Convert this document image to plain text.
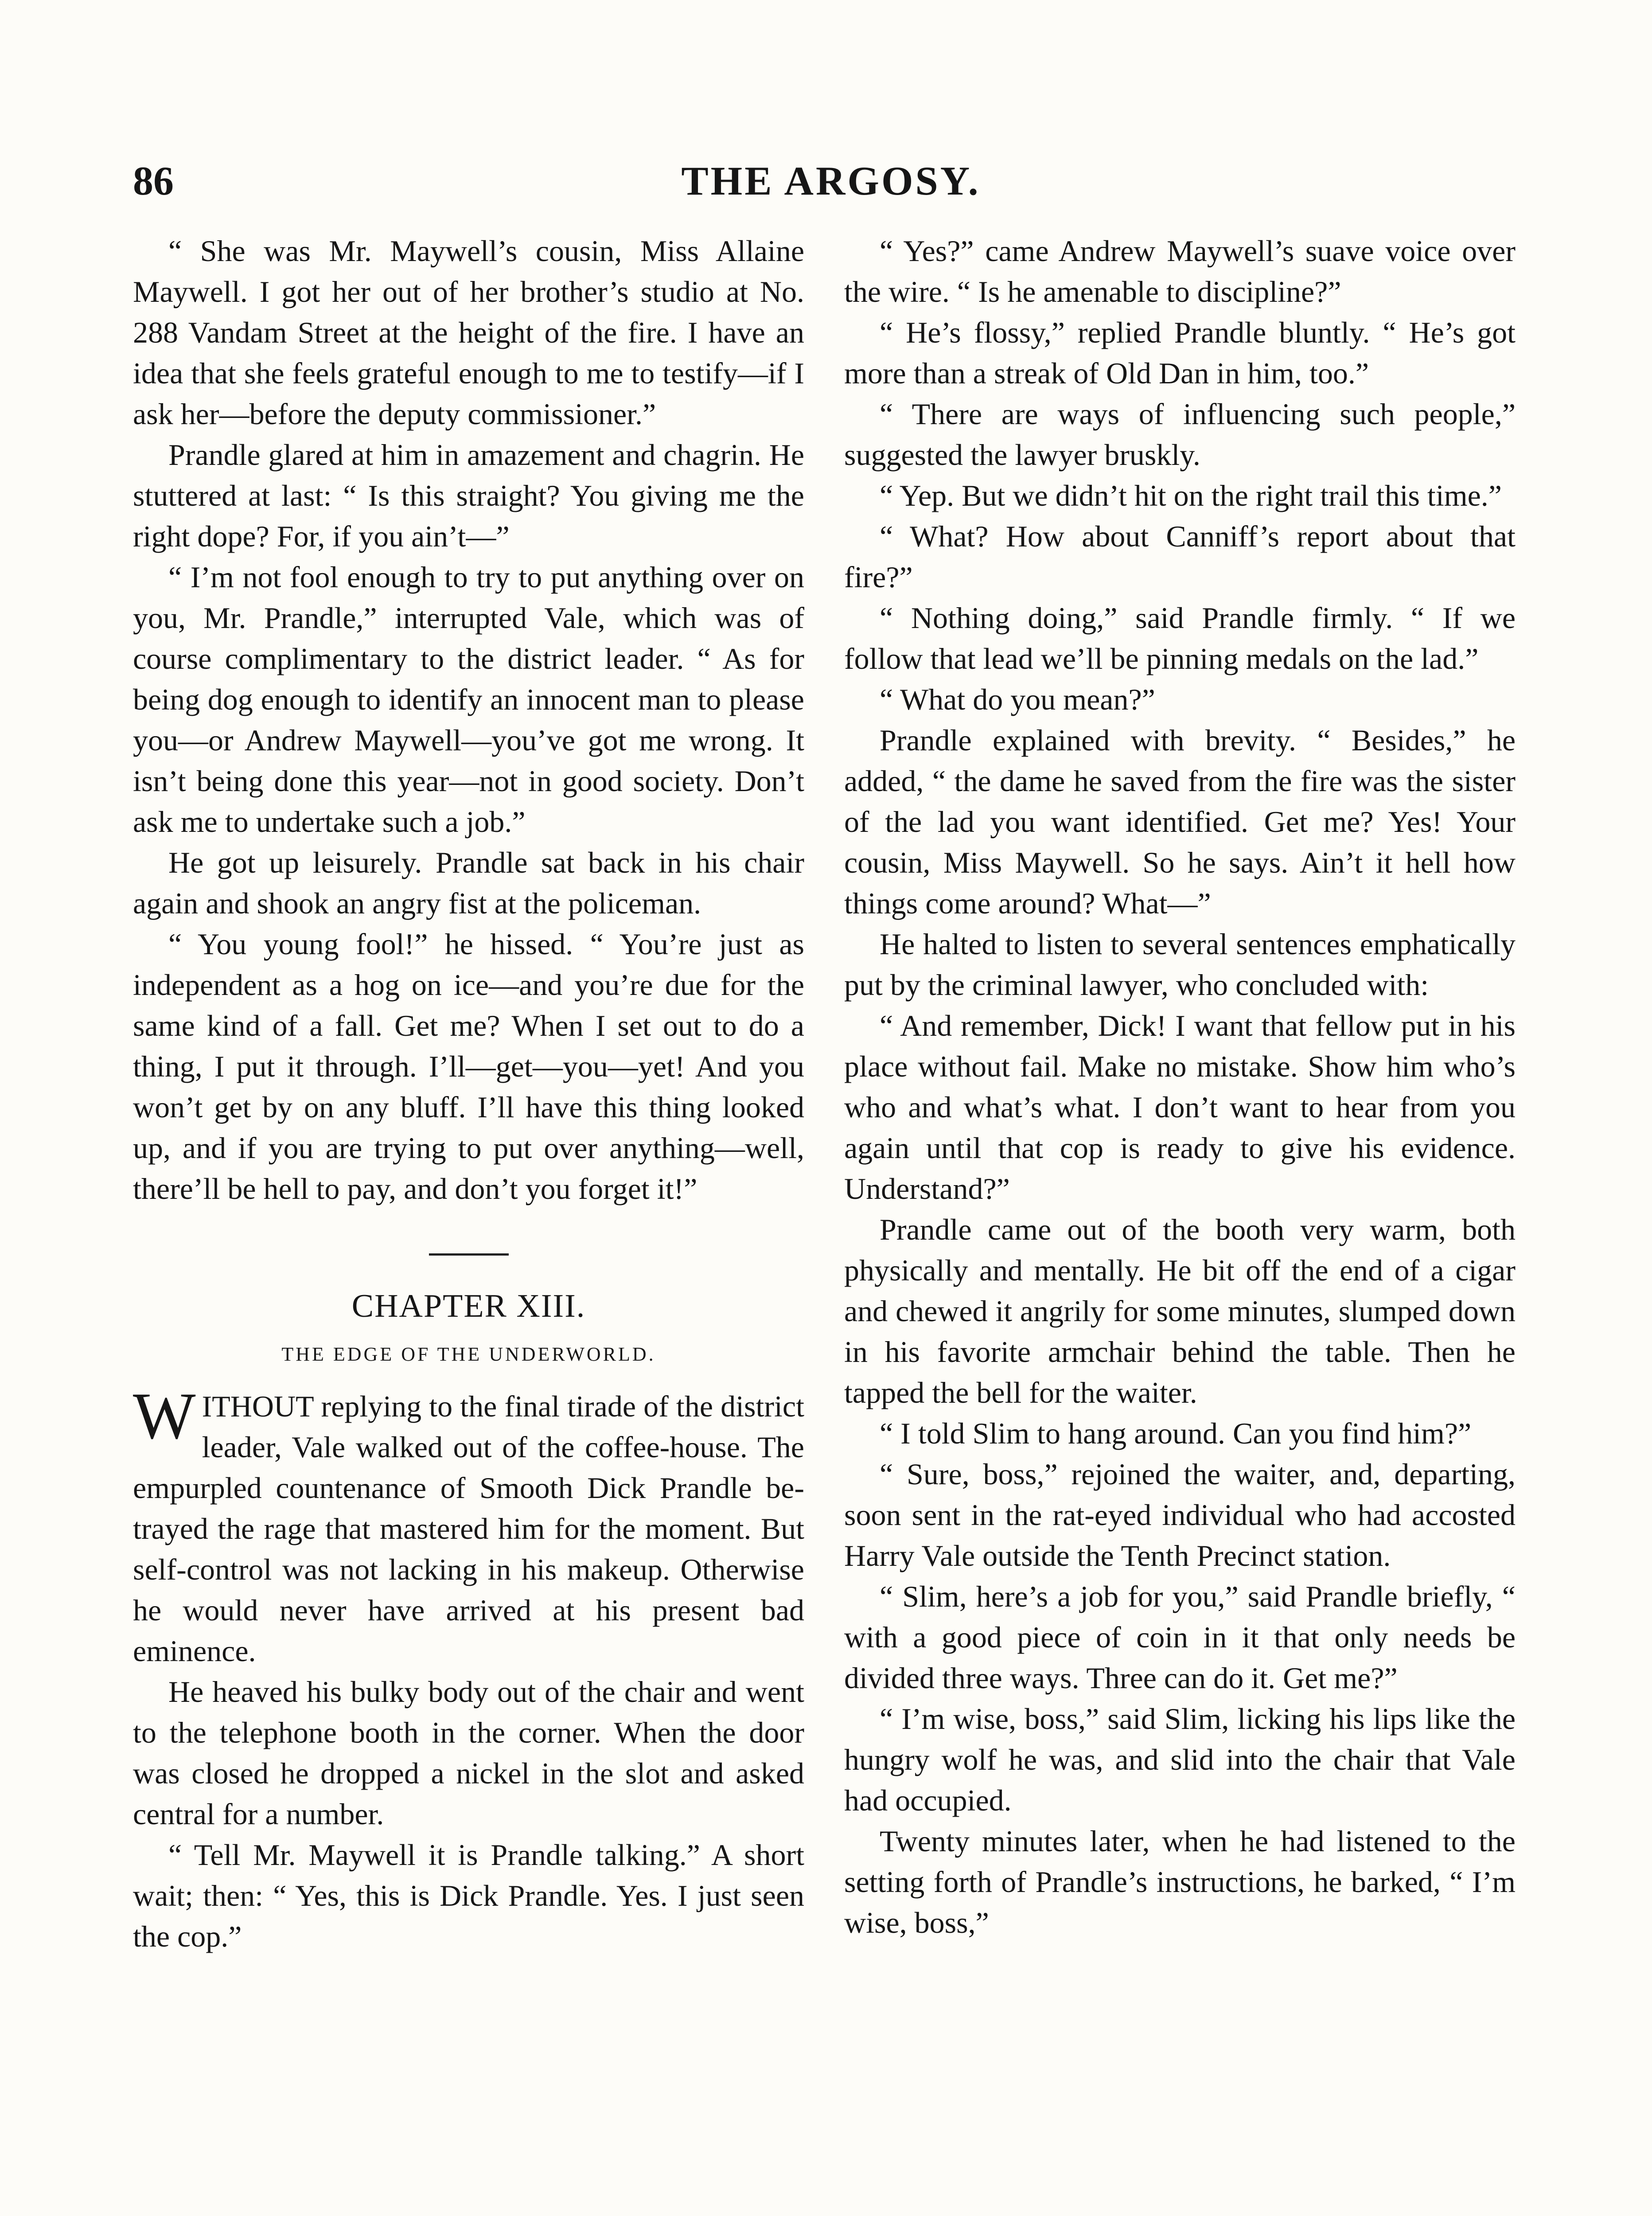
86	THE ARGOSY.

“ She was Mr. Maywell’s cousin, Miss Allaine Maywell. I got her out of her brother’s studio at No. 288 Vandam Street at the height of the fire. I have an idea that she feels grateful enough to me to testify—if I ask her—before the deputy commissioner.”

Prandle glared at him in amazement and chagrin. He stuttered at last: “ Is this straight? You giving me the right dope? For, if you ain’t—”

“ I’m not fool enough to try to put anything over on you, Mr. Prandle,” interrupted Vale, which was of course complimentary to the district leader. “ As for being dog enough to identify an innocent man to please you—or Andrew Maywell—you’ve got me wrong. It isn’t being done this year—not in good society. Don’t ask me to undertake such a job.”

He got up leisurely. Prandle sat back in his chair again and shook an angry fist at the policeman.

“ You young fool!” he hissed. “ You’re just as independent as a hog on ice—and you’re due for the same kind of a fall. Get me? When I set out to do a thing, I put it through. I’ll—get—you—yet! And you won’t get by on any bluff. I’ll have this thing looked up, and if you are trying to put over anything—well, there’ll be hell to pay, and don’t you forget it!”

CHAPTER XIII.
THE EDGE OF THE UNDERWORLD.

WITHOUT replying to the final tirade of the district leader, Vale walked out of the coffee-house. The empurpled countenance of Smooth Dick Prandle betrayed the rage that mastered him for the moment. But self-control was not lacking in his makeup. Otherwise he would never have arrived at his present bad eminence.

He heaved his bulky body out of the chair and went to the telephone booth in the corner. When the door was closed he dropped a nickel in the slot and asked central for a number.

“ Tell Mr. Maywell it is Prandle talking.” A short wait; then: “ Yes, this is Dick Prandle. Yes. I just seen the cop.”

“ Yes?” came Andrew Maywell’s suave voice over the wire. “ Is he amenable to discipline?”

“ He’s flossy,” replied Prandle bluntly. “ He’s got more than a streak of Old Dan in him, too.”

“ There are ways of influencing such people,” suggested the lawyer bruskly.

“ Yep. But we didn’t hit on the right trail this time.”

“ What? How about Canniff’s report about that fire?”

“ Nothing doing,” said Prandle firmly. “ If we follow that lead we’ll be pinning medals on the lad.”

“ What do you mean?”

Prandle explained with brevity. “ Besides,” he added, “ the dame he saved from the fire was the sister of the lad you want identified. Get me? Yes! Your cousin, Miss Maywell. So he says. Ain’t it hell how things come around? What—”

He halted to listen to several sentences emphatically put by the criminal lawyer, who concluded with:

“ And remember, Dick! I want that fellow put in his place without fail. Make no mistake. Show him who’s who and what’s what. I don’t want to hear from you again until that cop is ready to give his evidence. Understand?”

Prandle came out of the booth very warm, both physically and mentally. He bit off the end of a cigar and chewed it angrily for some minutes, slumped down in his favorite armchair behind the table. Then he tapped the bell for the waiter.

“ I told Slim to hang around. Can you find him?”

“ Sure, boss,” rejoined the waiter, and, departing, soon sent in the rat-eyed individual who had accosted Harry Vale outside the Tenth Precinct station.

“ Slim, here’s a job for you,” said Prandle briefly, “ with a good piece of coin in it that only needs be divided three ways. Three can do it. Get me?”

“ I’m wise, boss,” said Slim, licking his lips like the hungry wolf he was, and slid into the chair that Vale had occupied.

Twenty minutes later, when he had listened to the setting forth of Prandle’s instructions, he barked, “ I’m wise, boss,”
